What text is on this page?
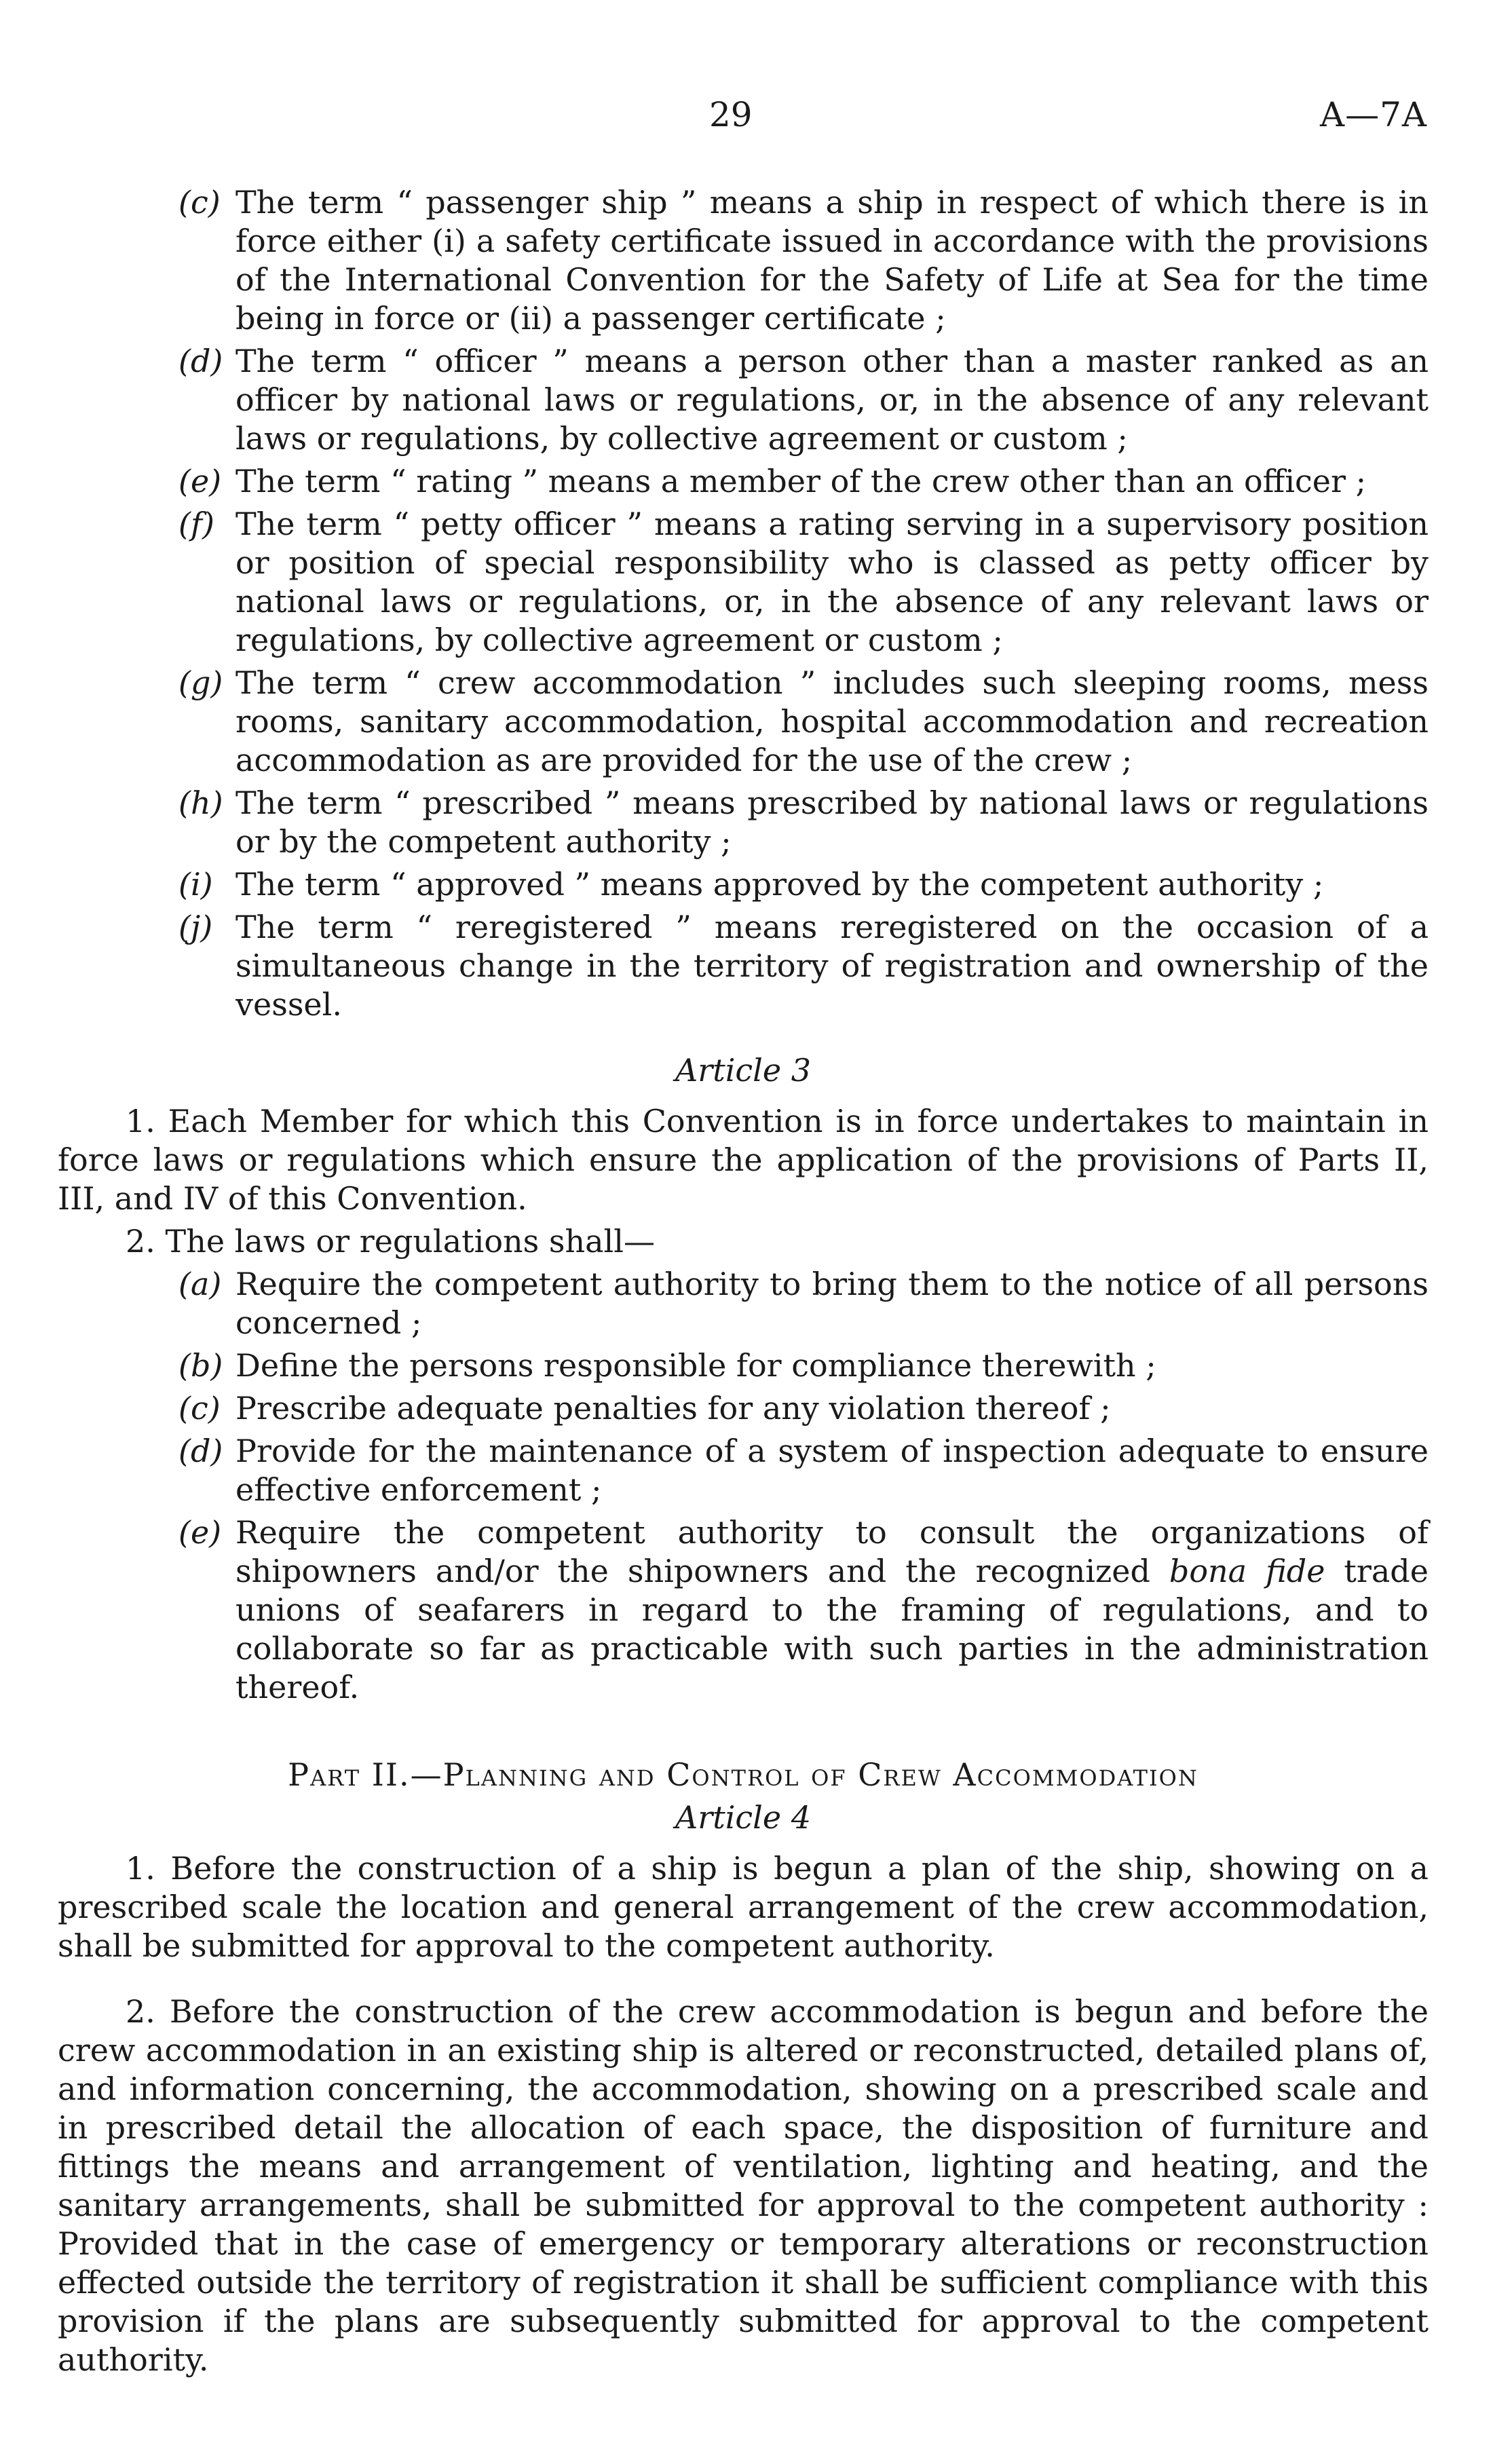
29	A—7A
(c) The term “ passenger ship ” means a ship in respect of which there is in force either (i) a safety certificate issued in accordance with the provisions of the International Convention for the Safety of Life at Sea for the time being in force or (ii) a passenger certificate ;
(d) The term “ officer ” means a person other than a master ranked as an officer by national laws or regulations, or, in the absence of any relevant laws or regulations, by collective agreement or custom ;
(e) The term “ rating ” means a member of the crew other than an officer ;
(f) The term “ petty officer ” means a rating serving in a supervisory position or position of special responsibility who is classed as petty officer by national laws or regulations, or, in the absence of any relevant laws or regulations, by collective agreement or custom ;
(g) The term “ crew accommodation ” includes such sleeping rooms, mess rooms, sanitary accommodation, hospital accommodation and recreation accommodation as are provided for the use of the crew ;
(h) The term “ prescribed ” means prescribed by national laws or regulations or by the competent authority ;
(i) The term “ approved ” means approved by the competent authority ;
(j) The term “ reregistered ” means reregistered on the occasion of a simultaneous change in the territory of registration and ownership of the vessel.
Article 3

1. Each Member for which this Convention is in force undertakes to maintain in force laws or regulations which ensure the application of the provisions of Parts II, III, and IV of this Convention.

2. The laws or regulations shall—

(a) Require the competent authority to bring them to the notice of all persons concerned ;
(b) Define the persons responsible for compliance therewith ;
(c) Prescribe adequate penalties for any violation thereof ;
(d) Provide for the maintenance of a system of inspection adequate to ensure effective enforcement ;
(e) Require the competent authority to consult the organizations of shipowners and/or the shipowners and the recognized bona fide trade unions of seafarers in regard to the framing of regulations, and to collaborate so far as practicable with such parties in the administration thereof.
Part II.—Planning and Control of Crew Accommodation
Article 4

1. Before the construction of a ship is begun a plan of the ship, showing on a prescribed scale the location and general arrangement of the crew accommodation, shall be submitted for approval to the competent authority.

2. Before the construction of the crew accommodation is begun and before the crew accommodation in an existing ship is altered or reconstructed, detailed plans of, and information concerning, the accommodation, showing on a prescribed scale and in prescribed detail the allocation of each space, the disposition of furniture and fittings the means and arrangement of ventilation, lighting and heating, and the sanitary arrangements, shall be submitted for approval to the competent authority : Provided that in the case of emergency or temporary alterations or reconstruction effected outside the territory of registration it shall be sufficient compliance with this provision if the plans are subsequently submitted for approval to the competent authority.
